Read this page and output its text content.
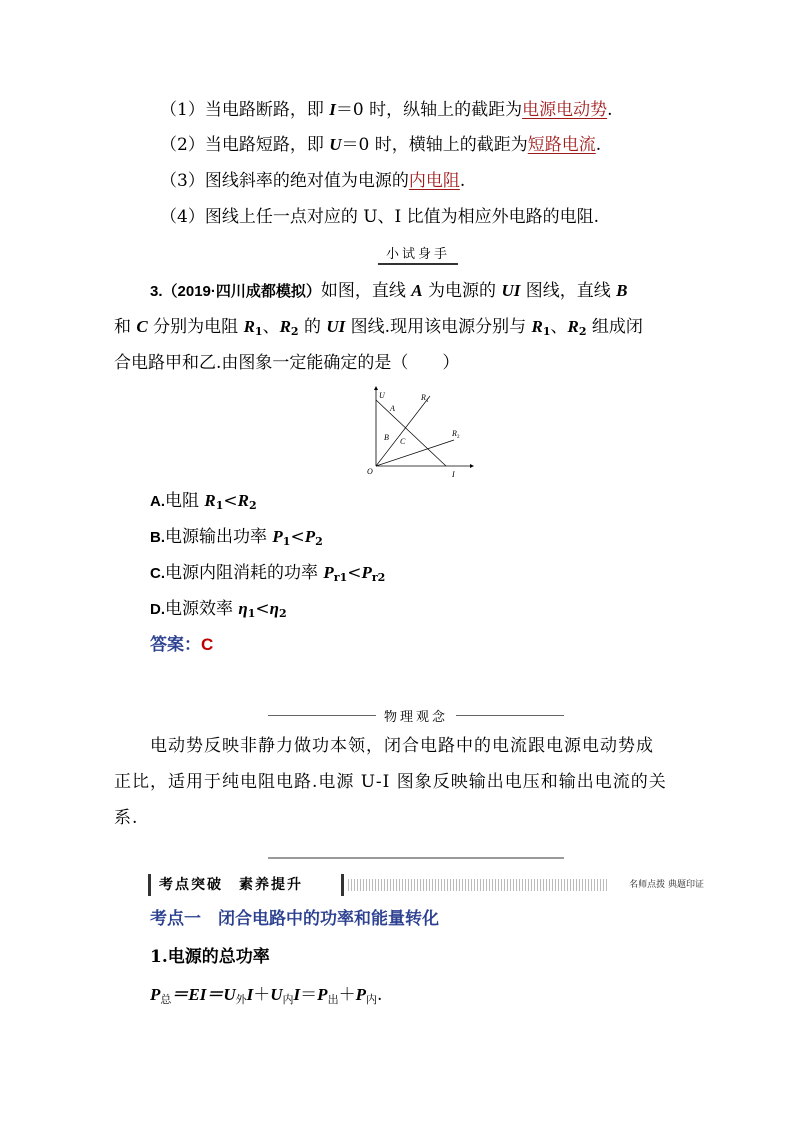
（1）当电路断路，即 I＝0 时，纵轴上的截距为电源电动势.
（2）当电路短路，即 U＝0 时，横轴上的截距为短路电流.
（3）图线斜率的绝对值为电源的内电阻.
（4）图线上任一点对应的 U、I 比值为相应外电路的电阻.
小试身手
3.（2019·四川成都模拟）如图，直线 A 为电源的 UI 图线，直线 B
和 C 分别为电阻 $R_1$、$R_2$ 的 UI 图线.现用该电源分别与 $R_1$、$R_2$ 组成闭
合电路甲和乙.由图象一定能确定的是（　　）
U
I
O
A
B C
R 1
R 2
A.电阻 $R_1<R_2$
B.电源输出功率 $P_1<P_2$
C.电源内阻消耗的功率 $P_{r1}<P_{r2}$
D.电源效率 $\eta_1<\eta_2$
答案：C
物理观念
电动势反映非静力做功本领，闭合电路中的电流跟电源电动势成
正比，适用于纯电阻电路.电源 U-I 图象反映输出电压和输出电流的关
系.
考点突破　素养提升	名师点拨 典题印证
考点一　闭合电路中的功率和能量转化
1.电源的总功率
$P_总=EI=U_外I+U_内I=P_出+P_内$.
